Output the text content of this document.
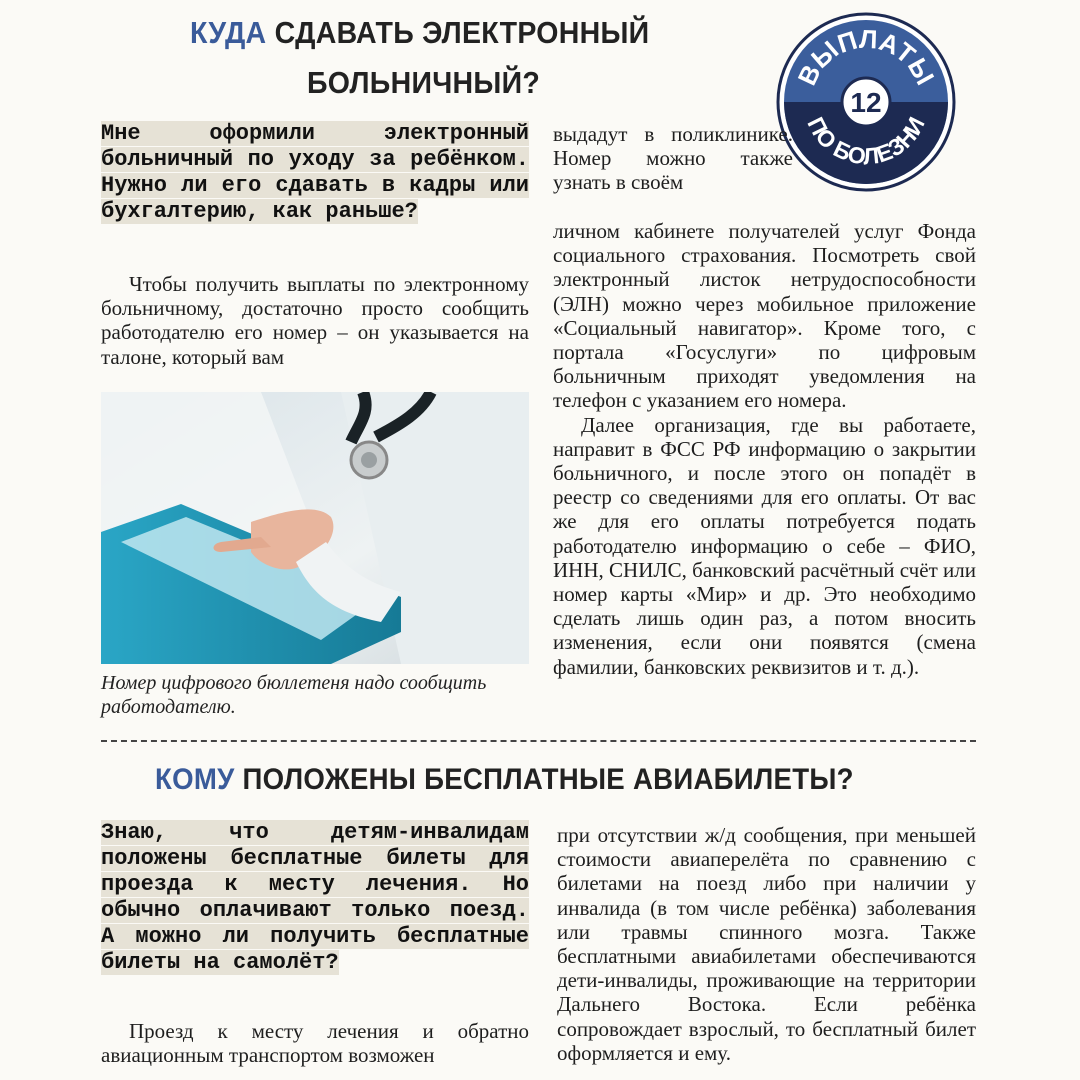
КУДА СДАВАТЬ ЭЛЕКТРОННЫЙ
БОЛЬНИЧНЫЙ?	ВЫПЛАТЫ
12
ПО БОЛЕЗНИ
Мне оформили электронный больничный по уходу за ребёнком. Нужно ли его сдавать в кадры или бухгалтерию, как раньше?

Чтобы получить выплаты по электронному больничному, достаточно просто сообщить работодателю его номер – он указывается на талоне, который вам

Номер цифрового бюллетеня надо сообщить работодателю.

выдадут в поликлинике. Номер можно также узнать в своём

личном кабинете получателей услуг Фонда социального страхования. Посмотреть свой электронный листок нетрудоспособности (ЭЛН) можно через мобильное приложение «Социальный навигатор». Кроме того, с портала «Госуслуги» по цифровым больничным приходят уведомления на телефон с указанием его номера.

Далее организация, где вы работаете, направит в ФСС РФ информацию о закрытии больничного, и после этого он попадёт в реестр со сведениями для его оплаты. От вас же для его оплаты потребуется подать работодателю информацию о себе – ФИО, ИНН, СНИЛС, банковский расчётный счёт или номер карты «Мир» и др. Это необходимо сделать лишь один раз, а потом вносить изменения, если они появятся (смена фамилии, банковских реквизитов и т. д.).

КОМУ ПОЛОЖЕНЫ БЕСПЛАТНЫЕ АВИАБИЛЕТЫ?
Знаю, что детям-инвалидам положены бесплатные билеты для проезда к месту лечения. Но обычно оплачивают только поезд. А можно ли получить бесплатные билеты на самолёт?

Проезд к месту лечения и обратно авиационным транспортом возможен

при отсутствии ж/д сообщения, при меньшей стоимости авиаперелёта по сравнению с билетами на поезд либо при наличии у инвалида (в том числе ребёнка) заболевания или травмы спинного мозга. Также бесплатными авиабилетами обеспечиваются дети-инвалиды, проживающие на территории Дальнего Востока. Если ребёнка сопровождает взрослый, то бесплатный билет оформляется и ему.
